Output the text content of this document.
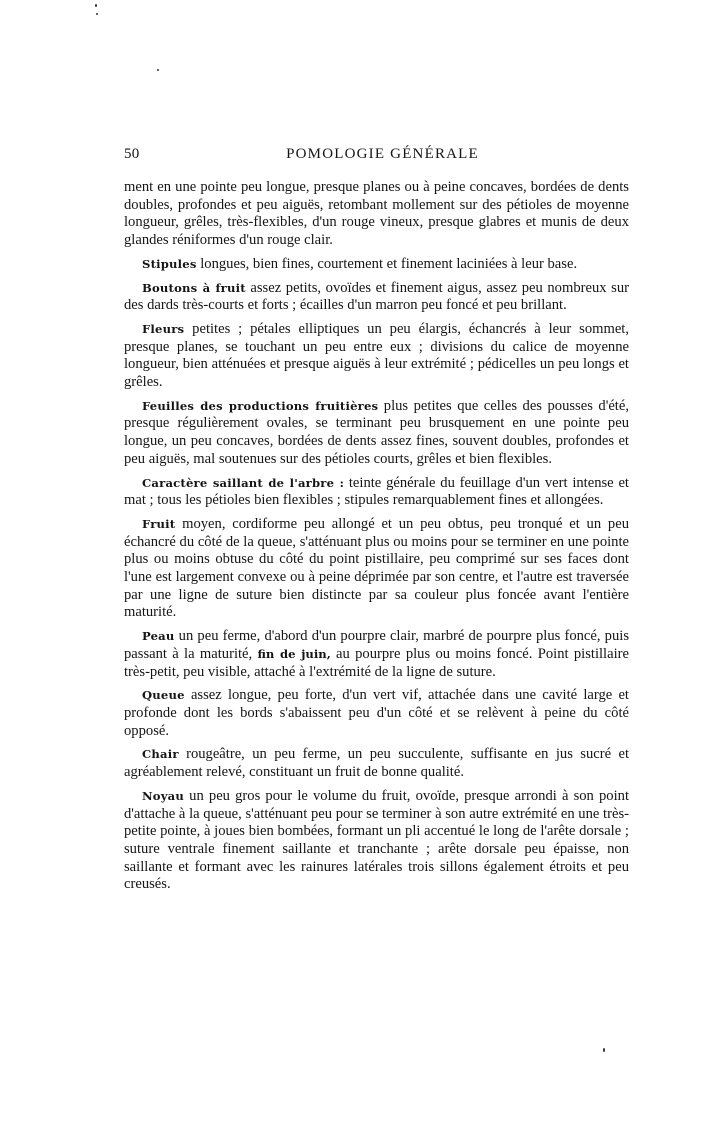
50	POMOLOGIE GÉNÉRALE

ment en une pointe peu longue, presque planes ou à peine concaves, bordées de dents doubles, profondes et peu aiguës, retombant mollement sur des pétioles de moyenne longueur, grêles, très-flexibles, d'un rouge vineux, presque glabres et munis de deux glandes réniformes d'un rouge clair.

Stipules longues, bien fines, courtement et finement laciniées à leur base.

Boutons à fruit assez petits, ovoïdes et finement aigus, assez peu nombreux sur des dards très-courts et forts ; écailles d'un marron peu foncé et peu brillant.

Fleurs petites ; pétales elliptiques un peu élargis, échancrés à leur sommet, presque planes, se touchant un peu entre eux ; divisions du calice de moyenne longueur, bien atténuées et presque aiguës à leur extrémité ; pédicelles un peu longs et grêles.

Feuilles des productions fruitières plus petites que celles des pousses d'été, presque régulièrement ovales, se terminant peu brusquement en une pointe peu longue, un peu concaves, bordées de dents assez fines, souvent doubles, profondes et peu aiguës, mal soutenues sur des pétioles courts, grêles et bien flexibles.

Caractère saillant de l'arbre : teinte générale du feuillage d'un vert intense et mat ; tous les pétioles bien flexibles ; stipules remarquablement fines et allongées.

Fruit moyen, cordiforme peu allongé et un peu obtus, peu tronqué et un peu échancré du côté de la queue, s'atténuant plus ou moins pour se terminer en une pointe plus ou moins obtuse du côté du point pistillaire, peu comprimé sur ses faces dont l'une est largement convexe ou à peine déprimée par son centre, et l'autre est traversée par une ligne de suture bien distincte par sa couleur plus foncée avant l'entière maturité.

Peau un peu ferme, d'abord d'un pourpre clair, marbré de pourpre plus foncé, puis passant à la maturité, fin de juin, au pourpre plus ou moins foncé. Point pistillaire très-petit, peu visible, attaché à l'extrémité de la ligne de suture.

Queue assez longue, peu forte, d'un vert vif, attachée dans une cavité large et profonde dont les bords s'abaissent peu d'un côté et se relèvent à peine du côté opposé.

Chair rougeâtre, un peu ferme, un peu succulente, suffisante en jus sucré et agréablement relevé, constituant un fruit de bonne qualité.

Noyau un peu gros pour le volume du fruit, ovoïde, presque arrondi à son point d'attache à la queue, s'atténuant peu pour se terminer à son autre extrémité en une très-petite pointe, à joues bien bombées, formant un pli accentué le long de l'arête dorsale ; suture ventrale finement saillante et tranchante ; arête dorsale peu épaisse, non saillante et formant avec les rainures latérales trois sillons également étroits et peu creusés.
